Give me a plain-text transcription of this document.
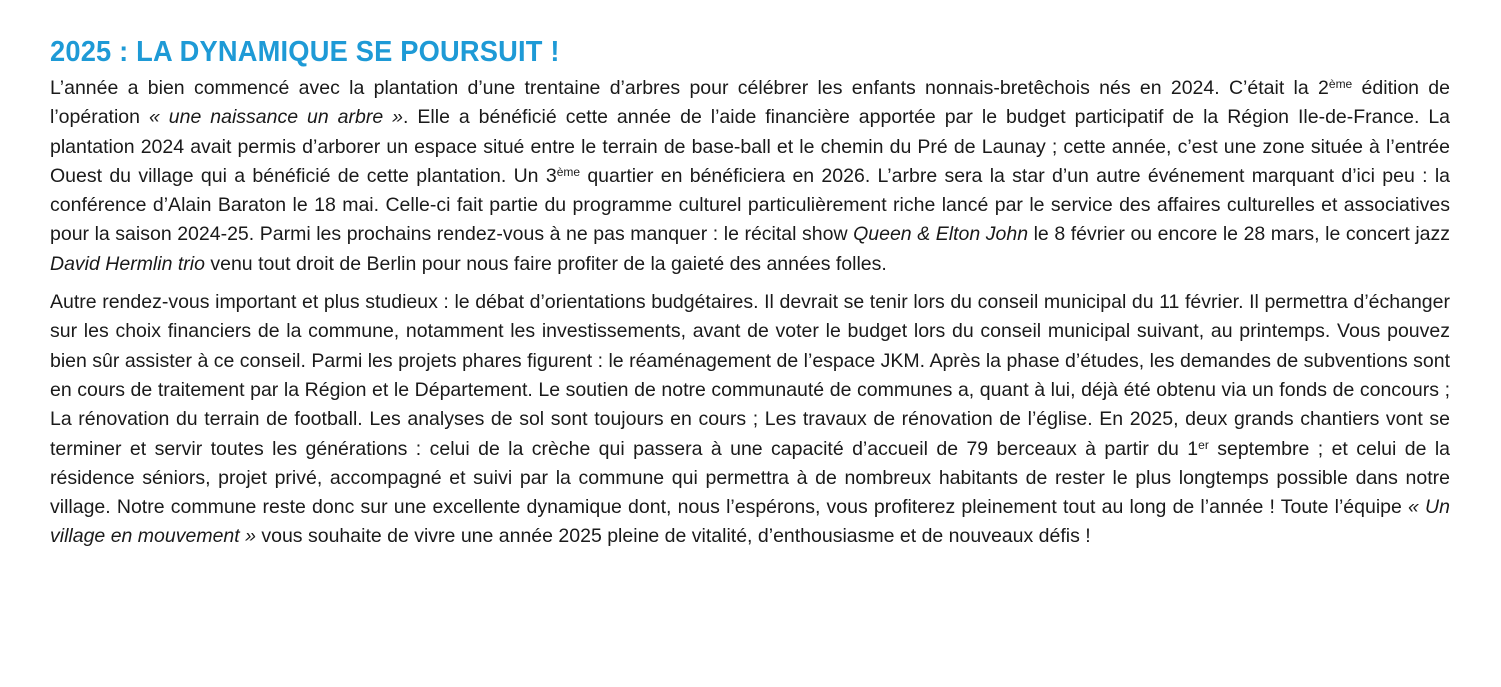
2025 : LA DYNAMIQUE SE POURSUIT !

L’année a bien commencé avec la plantation d’une trentaine d’arbres pour célébrer les enfants nonnais-bretêchois nés en 2024. C’était la 2ème édition de l’opération « une naissance un arbre ». Elle a bénéficié cette année de l’aide financière apportée par le budget participatif de la Région Ile-de-France. La plantation 2024 avait permis d’arborer un espace situé entre le terrain de base-ball et le chemin du Pré de Launay ; cette année, c’est une zone située à l’entrée Ouest du village qui a bénéficié de cette plantation. Un 3ème quartier en bénéficiera en 2026. L’arbre sera la star d’un autre événement marquant d’ici peu : la conférence d’Alain Baraton le 18 mai. Celle-ci fait partie du programme culturel particulièrement riche lancé par le service des affaires culturelles et associatives pour la saison 2024-25. Parmi les prochains rendez-vous à ne pas manquer : le récital show Queen & Elton John le 8 février ou encore le 28 mars, le concert jazz David Hermlin trio venu tout droit de Berlin pour nous faire profiter de la gaieté des années folles.

Autre rendez-vous important et plus studieux : le débat d’orientations budgétaires. Il devrait se tenir lors du conseil municipal du 11 février. Il permettra d’échanger sur les choix financiers de la commune, notamment les investissements, avant de voter le budget lors du conseil municipal suivant, au printemps. Vous pouvez bien sûr assister à ce conseil. Parmi les projets phares figurent : le réaménagement de l’espace JKM. Après la phase d’études, les demandes de subventions sont en cours de traitement par la Région et le Département. Le soutien de notre communauté de communes a, quant à lui, déjà été obtenu via un fonds de concours ; La rénovation du terrain de football. Les analyses de sol sont toujours en cours ; Les travaux de rénovation de l’église. En 2025, deux grands chantiers vont se terminer et servir toutes les générations : celui de la crèche qui passera à une capacité d’accueil de 79 berceaux à partir du 1er septembre ; et celui de la résidence séniors, projet privé, accompagné et suivi par la commune qui permettra à de nombreux habitants de rester le plus longtemps possible dans notre village. Notre commune reste donc sur une excellente dynamique dont, nous l’espérons, vous profiterez pleinement tout au long de l’année ! Toute l’équipe « Un village en mouvement » vous souhaite de vivre une année 2025 pleine de vitalité, d’enthousiasme et de nouveaux défis !
